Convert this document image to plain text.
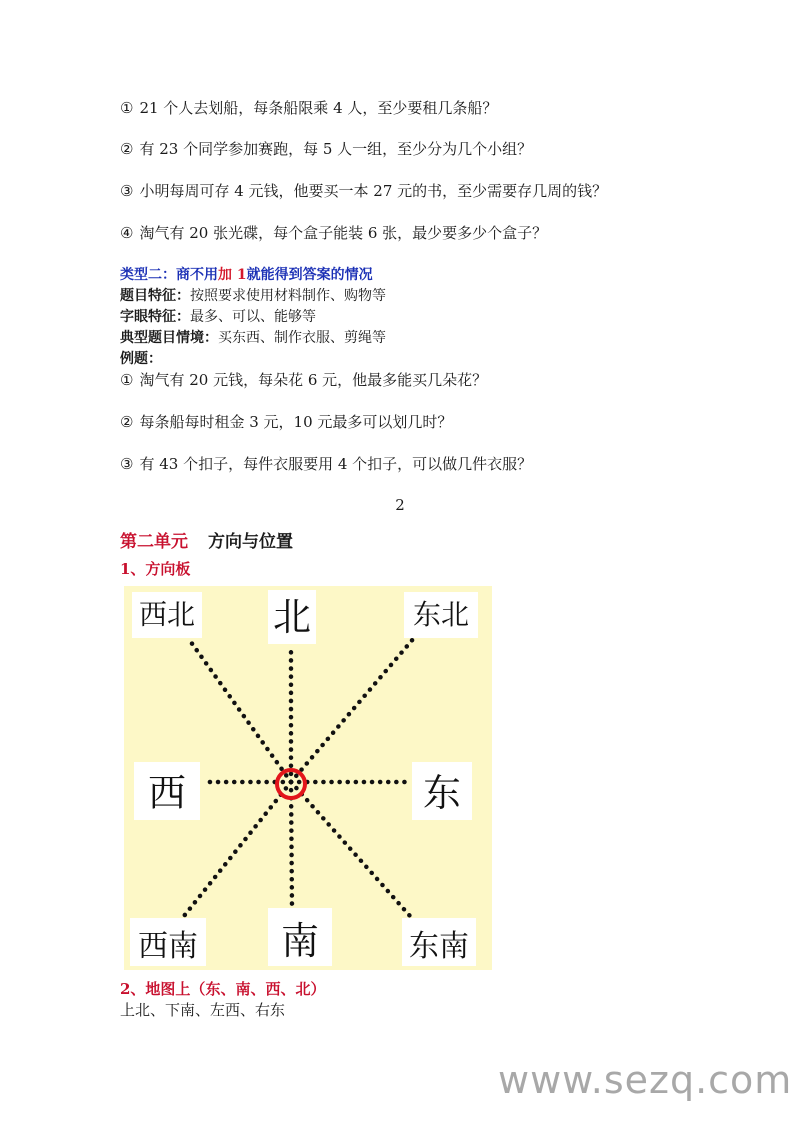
① 21 个人去划船，每条船限乘 4 人，至少要租几条船？
② 有 23 个同学参加赛跑，每 5 人一组，至少分为几个小组？
③ 小明每周可存 4 元钱，他要买一本 27 元的书，至少需要存几周的钱？
④ 淘气有 20 张光碟，每个盒子能装 6 张，最少要多少个盒子？
类型二：商不用加 1就能得到答案的情况
题目特征：按照要求使用材料制作、购物等
字眼特征：最多、可以、能够等
典型题目情境：买东西、制作衣服、剪绳等
例题：
① 淘气有 20 元钱，每朵花 6 元，他最多能买几朵花？
② 每条船每时租金 3 元，10 元最多可以划几时？
③ 有 43 个扣子，每件衣服要用 4 个扣子，可以做几件衣服？
2
第二单元 方向与位置
1、方向板
西北 北	东北
西	东
西南 南	东南
2、地图上（东、南、西、北）
上北、下南、左西、右东
www.sezq.com
